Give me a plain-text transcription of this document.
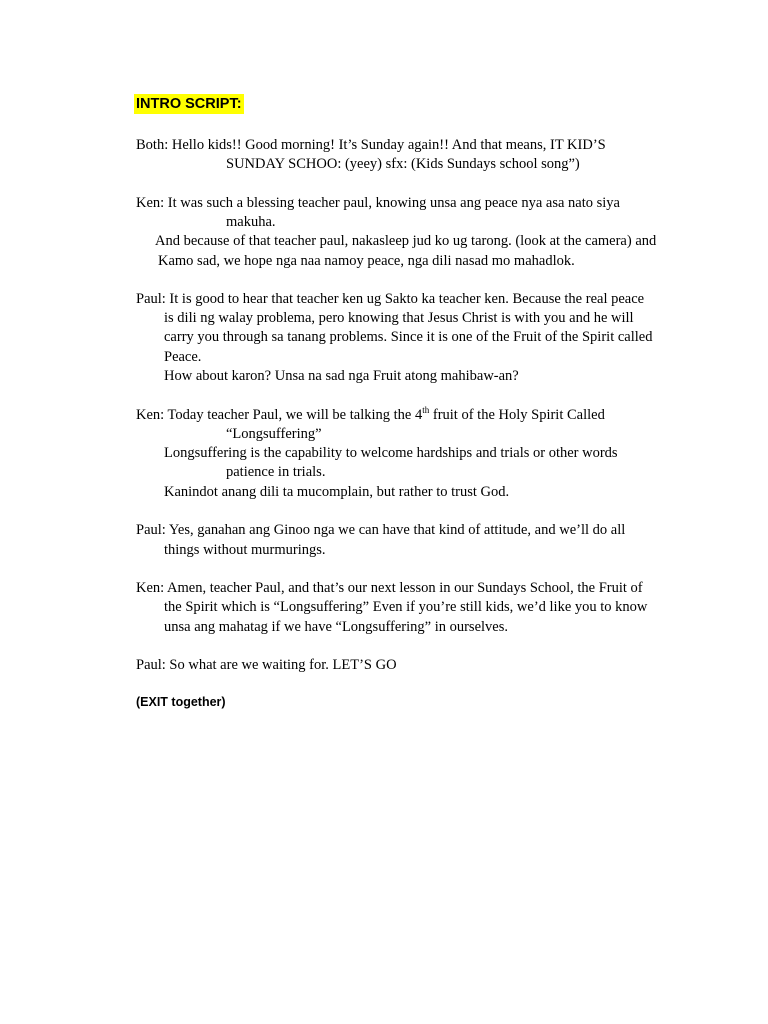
INTRO SCRIPT:
Both: Hello kids!! Good morning! It’s Sunday again!! And that means, IT KID’S
SUNDAY SCHOO: (yeey) sfx: (Kids Sundays school song”)
Ken: It was such a blessing teacher paul, knowing unsa ang peace nya asa nato siya
makuha.
And because of that teacher paul, nakasleep jud ko ug tarong. (look at the camera) and
Kamo sad, we hope nga naa namoy peace, nga dili nasad mo mahadlok.
Paul: It is good to hear that teacher ken ug Sakto ka teacher ken. Because the real peace
is dili ng walay problema, pero knowing that Jesus Christ is with you and he will
carry you through sa tanang problems. Since it is one of the Fruit of the Spirit called
Peace.
How about karon? Unsa na sad nga Fruit atong mahibaw-an?
Ken: Today teacher Paul, we will be talking the 4th fruit of the Holy Spirit Called
“Longsuffering”
Longsuffering is the capability to welcome hardships and trials or other words
patience in trials.
Kanindot anang dili ta mucomplain, but rather to trust God.
Paul: Yes, ganahan ang Ginoo nga we can have that kind of attitude, and we’ll do all
things without murmurings.
Ken: Amen, teacher Paul, and that’s our next lesson in our Sundays School, the Fruit of
the Spirit which is “Longsuffering” Even if you’re still kids, we’d like you to know
unsa ang mahatag if we have “Longsuffering” in ourselves.
Paul: So what are we waiting for. LET’S GO
(EXIT together)
